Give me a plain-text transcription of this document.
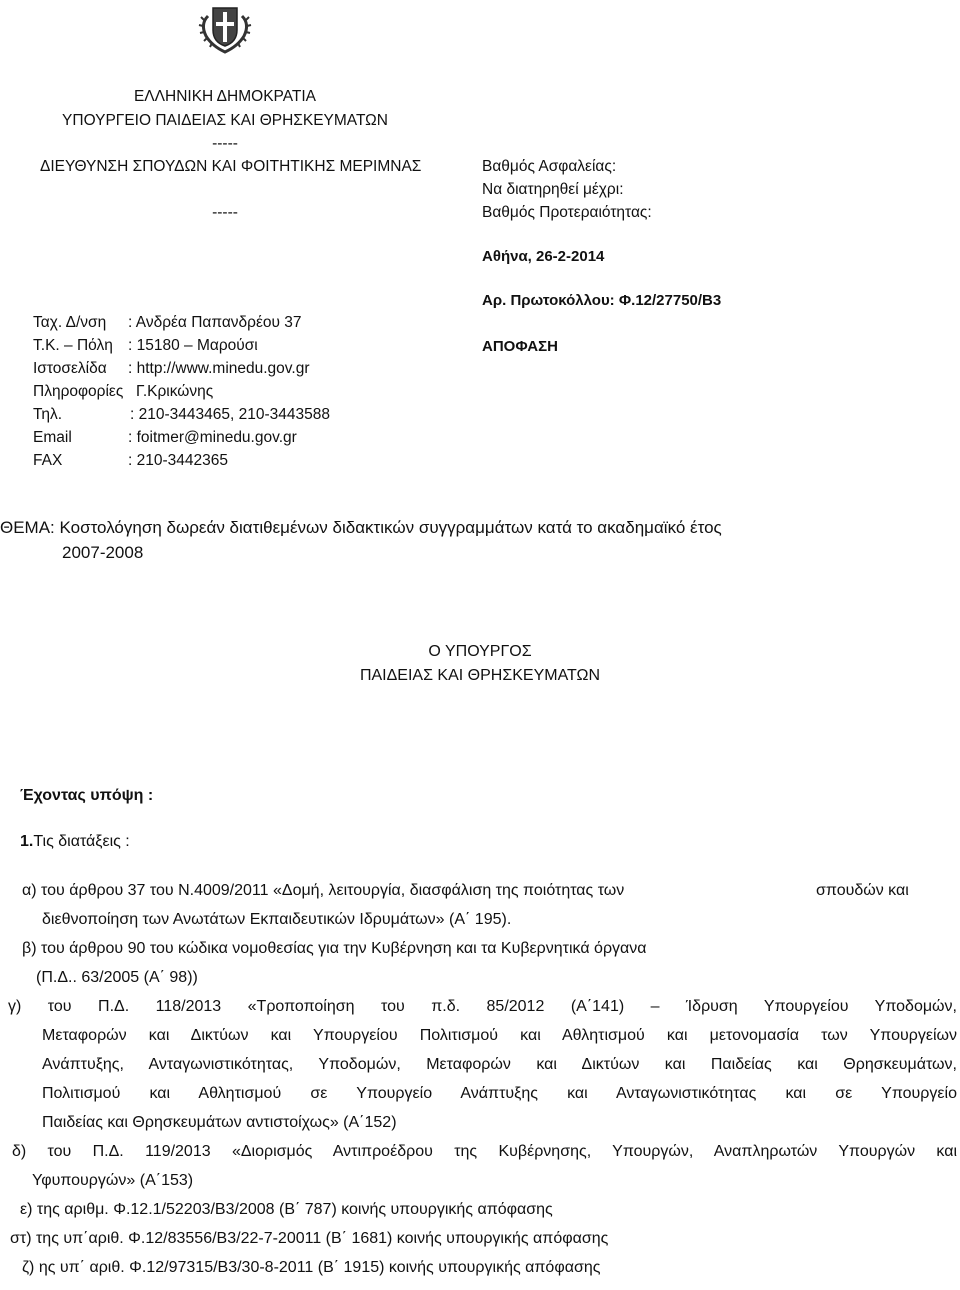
ΕΛΛΗΝΙΚΗ ΔΗΜΟΚΡΑΤΙΑ
ΥΠΟΥΡΓΕΙΟ ΠΑΙΔΕΙΑΣ ΚΑΙ ΘΡΗΣΚΕΥΜΑΤΩΝ
-----
ΔΙΕΥΘΥΝΣΗ ΣΠΟΥΔΩΝ ΚΑΙ ΦΟΙΤΗΤΙΚΗΣ ΜΕΡΙΜΝΑΣ
-----
Βαθμός Ασφαλείας:
Να διατηρηθεί μέχρι:
Βαθμός Προτεραιότητας:
Αθήνα, 26-2-2014
Αρ. Πρωτοκόλλου: Φ.12/27750/Β3
ΑΠΟΦΑΣΗ
Ταχ. Δ/νση : Ανδρέα Παπανδρέου 37
Τ.Κ. – Πόλη : 15180 – Μαρούσι
Ιστοσελίδα : http://www.minedu.gov.gr
Πληροφορίες Γ.Κρικώνης
Τηλ.	: 210-3443465, 210-3443588
Email	: foitmer@minedu.gov.gr
FAX	: 210-3442365
ΘΕΜΑ: Κοστολόγηση δωρεάν διατιθεμένων διδακτικών συγγραμμάτων κατά το ακαδημαϊκό έτος
2007-2008
Ο ΥΠΟΥΡΓΟΣ
ΠΑΙΔΕΙΑΣ ΚΑΙ ΘΡΗΣΚΕΥΜΑΤΩΝ
Έχοντας υπόψη :
1.Τις διατάξεις :
α) του άρθρου 37 του Ν.4009/2011 «Δομή, λειτουργία, διασφάλιση της ποιότητας των	σπουδών και
διεθνοποίηση των Ανωτάτων Εκπαιδευτικών Ιδρυμάτων» (Α΄ 195).
β) του άρθρου 90 του κώδικα νομοθεσίας για την Κυβέρνηση και τα Κυβερνητικά όργανα
(Π.Δ.. 63/2005 (Α΄ 98))
γ) του Π.Δ. 118/2013 «Τροποποίηση του π.δ. 85/2012 (Α΄141) – Ίδρυση Υπουργείου Υποδομών,
Μεταφορών και Δικτύων και Υπουργείου Πολιτισμού και Αθλητισμού και μετονομασία των Υπουργείων
Ανάπτυξης, Ανταγωνιστικότητας, Υποδομών, Μεταφορών και Δικτύων και Παιδείας και Θρησκευμάτων,
Πολιτισμού και Αθλητισμού σε Υπουργείο Ανάπτυξης και Ανταγωνιστικότητας και σε Υπουργείο
Παιδείας και Θρησκευμάτων αντιστοίχως» (Α΄152)
δ) του Π.Δ. 119/2013 «Διορισμός Αντιπροέδρου της Κυβέρνησης, Υπουργών, Αναπληρωτών Υπουργών και
Υφυπουργών» (Α΄153)
ε) της αριθμ. Φ.12.1/52203/Β3/2008 (Β΄ 787) κοινής υπουργικής απόφασης
στ) της υπ΄αριθ. Φ.12/83556/Β3/22-7-20011 (Β΄ 1681) κοινής υπουργικής απόφασης
ζ) ης υπ΄ αριθ. Φ.12/97315/Β3/30-8-2011 (Β΄ 1915) κοινής υπουργικής απόφασης
